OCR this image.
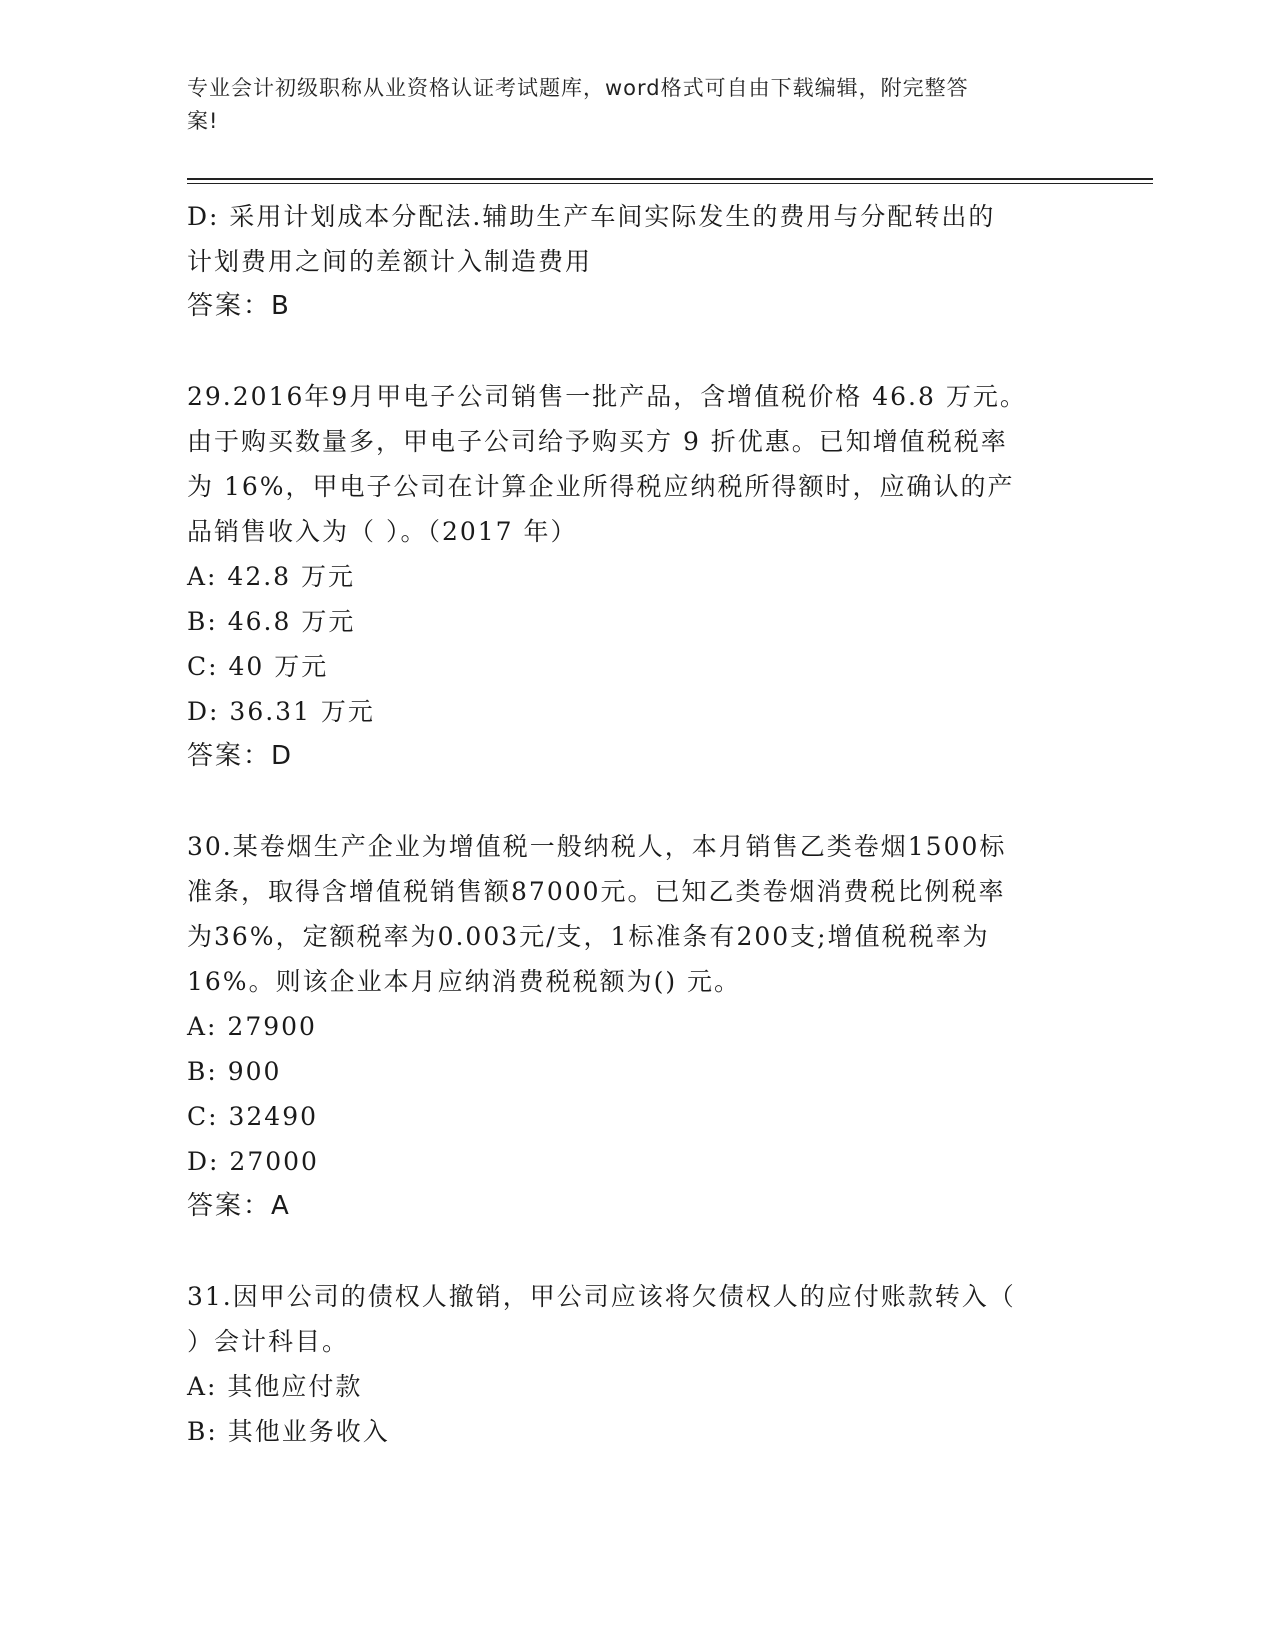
专业会计初级职称从业资格认证考试题库，word格式可自由下载编辑，附完整答
案!
D: 采用计划成本分配法.辅助生产车间实际发生的费用与分配转出的
计划费用之间的差额计入制造费用
答案：B
29.2016年9月甲电子公司销售一批产品，含增值税价格 46.8 万元。
由于购买数量多，甲电子公司给予购买方 9 折优惠。已知增值税税率
为 16%，甲电子公司在计算企业所得税应纳税所得额时，应确认的产
品销售收入为（ ）。（2017 年）
A: 42.8 万元
B: 46.8 万元
C: 40 万元
D: 36.31 万元
答案：D
30.某卷烟生产企业为增值税一般纳税人，本月销售乙类卷烟1500标
准条，取得含增值税销售额87000元。已知乙类卷烟消费税比例税率
为36%，定额税率为0.003元/支，1标准条有200支;增值税税率为
16%。则该企业本月应纳消费税税额为() 元。
A: 27900
B: 900
C: 32490
D: 27000
答案：A
31.因甲公司的债权人撤销，甲公司应该将欠债权人的应付账款转入（
）会计科目。
A: 其他应付款
B: 其他业务收入
